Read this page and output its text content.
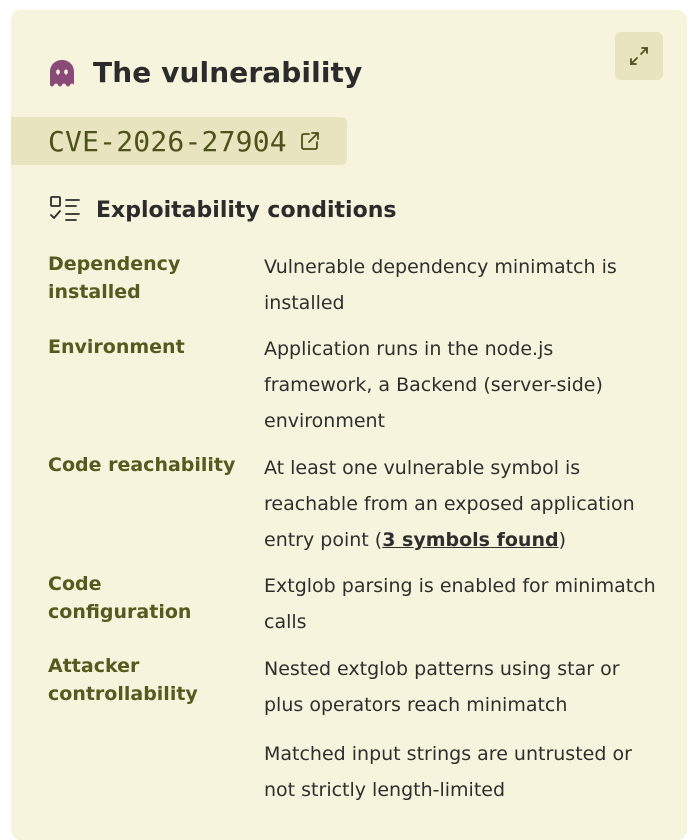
The vulnerability
CVE-2026-27904
Exploitability conditions
Dependency installed
Vulnerable dependency minimatch is installed
Environment	Application runs in the node.js framework, a Backend (server-side) environment
Code reachability	At least one vulnerable symbol is reachable from an exposed application entry point (3 symbols found)
Code configuration
Extglob parsing is enabled for minimatch calls
Attacker controllability
Nested extglob patterns using star or plus operators reach minimatch
Matched input strings are untrusted or not strictly length-limited
